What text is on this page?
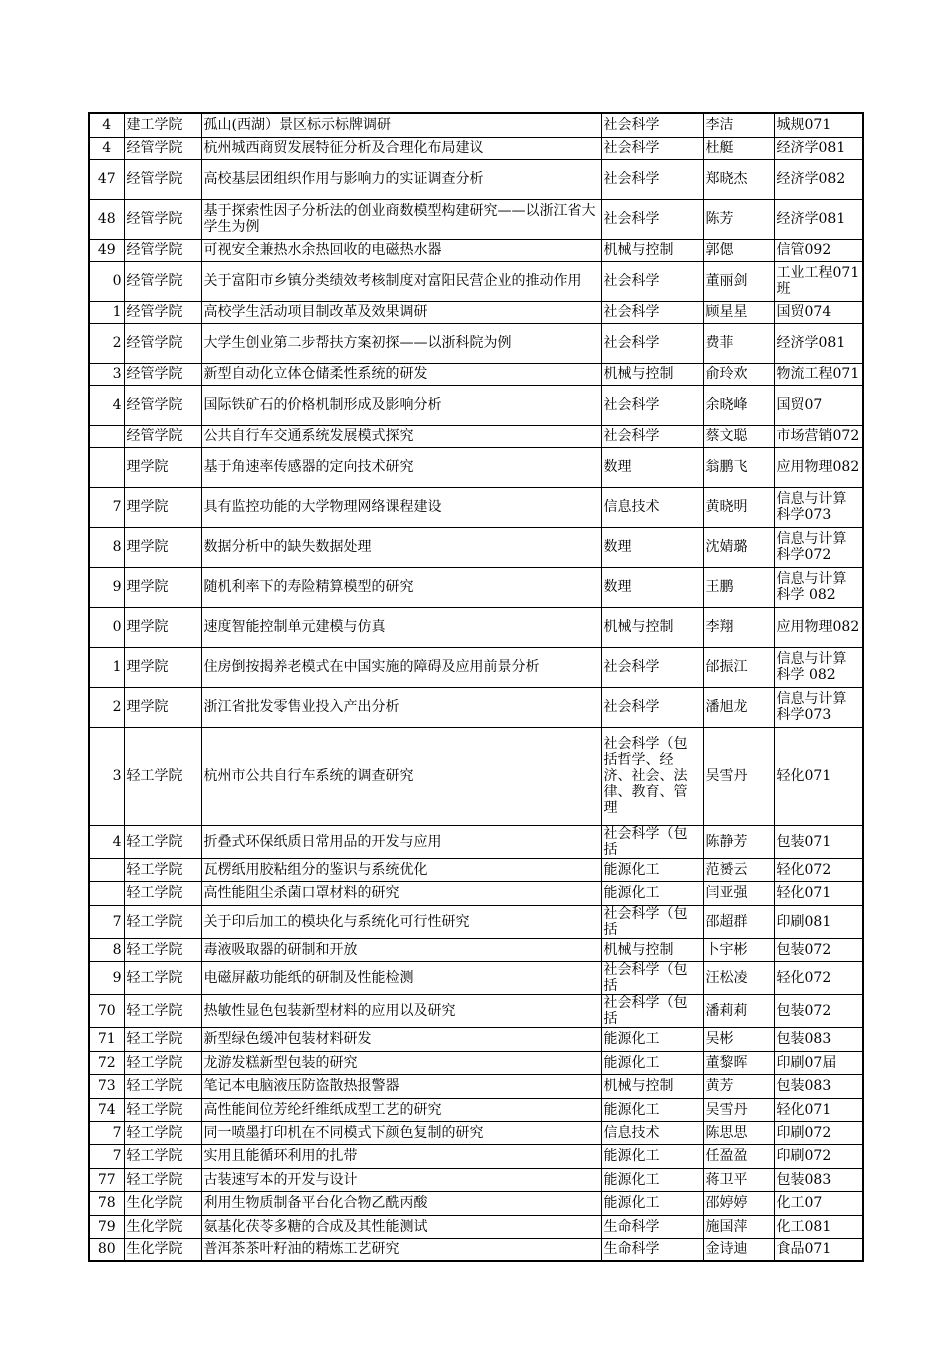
4	建工学院	孤山(西湖）景区标示标牌调研	社会科学	李洁	城规071
4	经管学院	杭州城西商贸发展特征分析及合理化布局建议	社会科学	杜艇	经济学081
47	经管学院	高校基层团组织作用与影响力的实证调查分析	社会科学	郑晓杰	经济学082
48	经管学院	基于探索性因子分析法的创业商数模型构建研究——以浙江省大学生为例	社会科学	陈芳	经济学081
49	经管学院	可视安全兼热水余热回收的电磁热水器	机械与控制	郭偲	信管092
0	经管学院	关于富阳市乡镇分类绩效考核制度对富阳民营企业的推动作用	社会科学	董丽剑	工业工程071班
1	经管学院	高校学生活动项目制改革及效果调研	社会科学	顾星星	国贸074
2	经管学院	大学生创业第二步帮扶方案初探——以浙科院为例	社会科学	费菲	经济学081
3	经管学院	新型自动化立体仓储柔性系统的研发	机械与控制	俞玲欢	物流工程071
4	经管学院	国际铁矿石的价格机制形成及影响分析	社会科学	余晓峰	国贸07
	经管学院	公共自行车交通系统发展模式探究	社会科学	蔡文聪	市场营销072
	理学院	基于角速率传感器的定向技术研究	数理	翁鹏飞	应用物理082
7	理学院	具有监控功能的大学物理网络课程建设	信息技术	黄晓明	信息与计算科学073
8	理学院	数据分析中的缺失数据处理	数理	沈婧璐	信息与计算科学072
9	理学院	随机利率下的寿险精算模型的研究	数理	王鹏	信息与计算科学 082
0	理学院	速度智能控制单元建模与仿真	机械与控制	李翔	应用物理082
1	理学院	住房倒按揭养老模式在中国实施的障碍及应用前景分析	社会科学	邰振江	信息与计算科学 082
2	理学院	浙江省批发零售业投入产出分析	社会科学	潘旭龙	信息与计算科学073
3	轻工学院	杭州市公共自行车系统的调查研究	社会科学（包括哲学、经济、社会、法律、教育、管理	吴雪丹	轻化071
4	轻工学院	折叠式环保纸质日常用品的开发与应用	社会科学（包括	陈静芳	包装071
	轻工学院	瓦楞纸用胶粘组分的鉴识与系统优化	能源化工	范赟云	轻化072
	轻工学院	高性能阻尘杀菌口罩材料的研究	能源化工	闫亚强	轻化071
7	轻工学院	关于印后加工的模块化与系统化可行性研究	社会科学（包括	邵超群	印刷081
8	轻工学院	毒液吸取器的研制和开放	机械与控制	卜宇彬	包装072
9	轻工学院	电磁屏蔽功能纸的研制及性能检测	社会科学（包括	汪松凌	轻化072
70	轻工学院	热敏性显色包装新型材料的应用以及研究	社会科学（包括	潘莉莉	包装072
71	轻工学院	新型绿色缓冲包装材料研发	能源化工	吴彬	包装083
72	轻工学院	龙游发糕新型包装的研究	能源化工	董黎晖	印刷07届
73	轻工学院	笔记本电脑液压防盗散热报警器	机械与控制	黄芳	包装083
74	轻工学院	高性能间位芳纶纤维纸成型工艺的研究	能源化工	吴雪丹	轻化071
7	轻工学院	同一喷墨打印机在不同模式下颜色复制的研究	信息技术	陈思思	印刷072
7	轻工学院	实用且能循环利用的扎带	能源化工	任盈盈	印刷072
77	轻工学院	古装速写本的开发与设计	能源化工	蒋卫平	包装083
78	生化学院	利用生物质制备平台化合物乙酰丙酸	能源化工	邵婷婷	化工07
79	生化学院	氨基化茯苓多糖的合成及其性能测试	生命科学	施国萍	化工081
80	生化学院	普洱茶茶叶籽油的精炼工艺研究	生命科学	金诗迪	食品071
